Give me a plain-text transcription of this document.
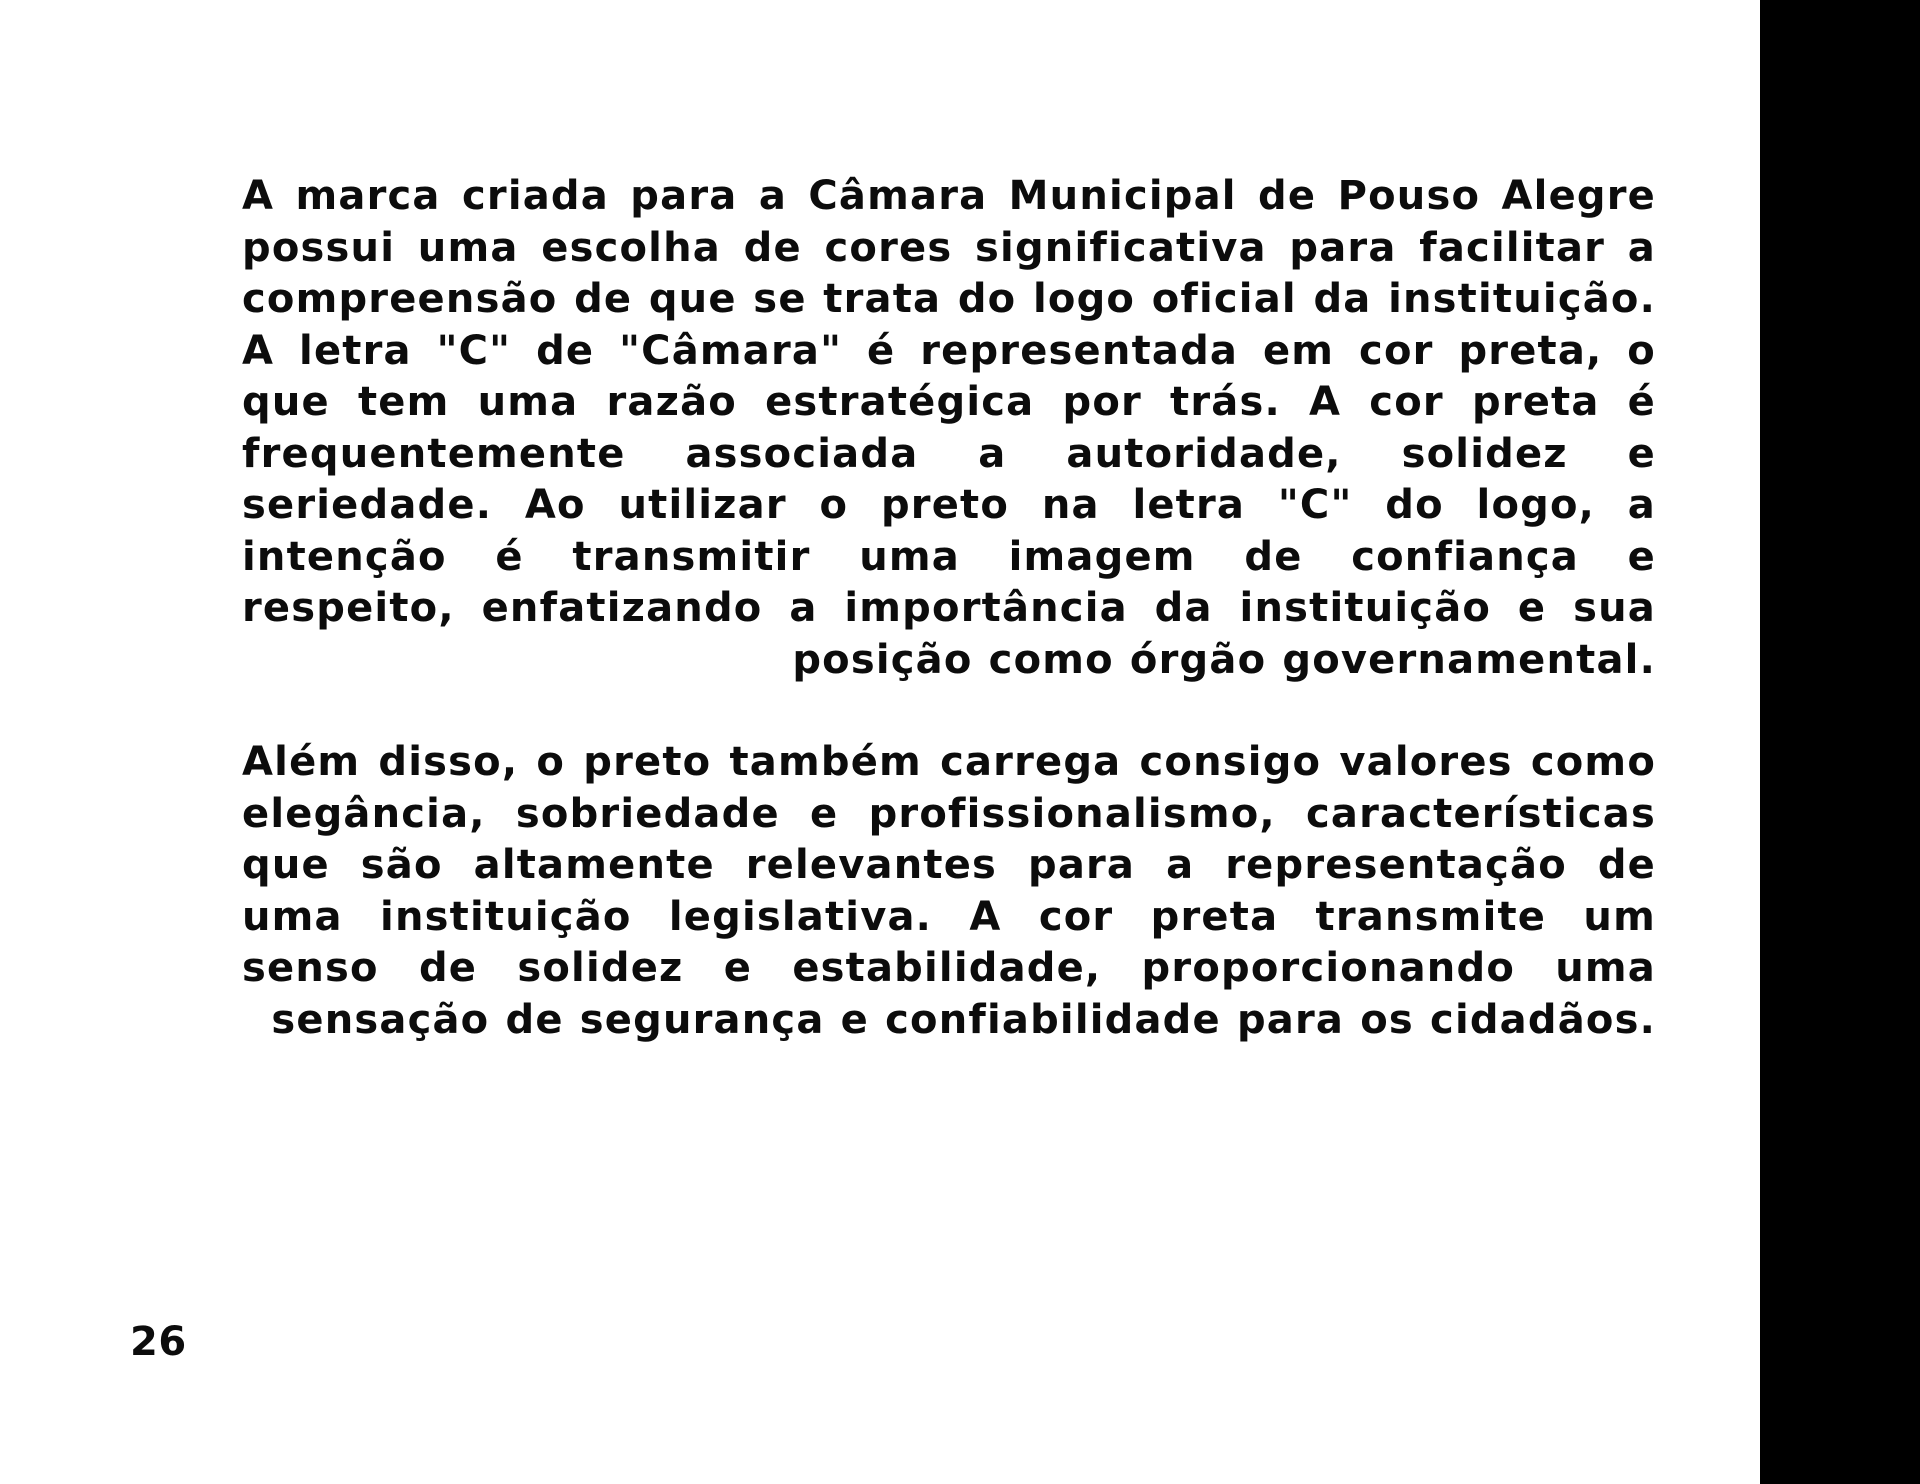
A marca criada para a Câmara Municipal de Pouso Alegre possui uma escolha de cores significativa para facilitar a compreensão de que se trata do logo oficial da instituição. A letra "C" de "Câmara" é representada em cor preta, o que tem uma razão estratégica por trás. A cor preta é frequentemente associada a autoridade, solidez e seriedade. Ao utilizar o preto na letra "C" do logo, a intenção é transmitir uma imagem de confiança e respeito, enfatizando a importância da instituição e sua posição como órgão governamental.

Além disso, o preto também carrega consigo valores como elegância, sobriedade e profissionalismo, características que são altamente relevantes para a representação de uma instituição legislativa. A cor preta transmite um senso de solidez e estabilidade, proporcionando uma sensação de segurança e confiabilidade para os cidadãos.

26
